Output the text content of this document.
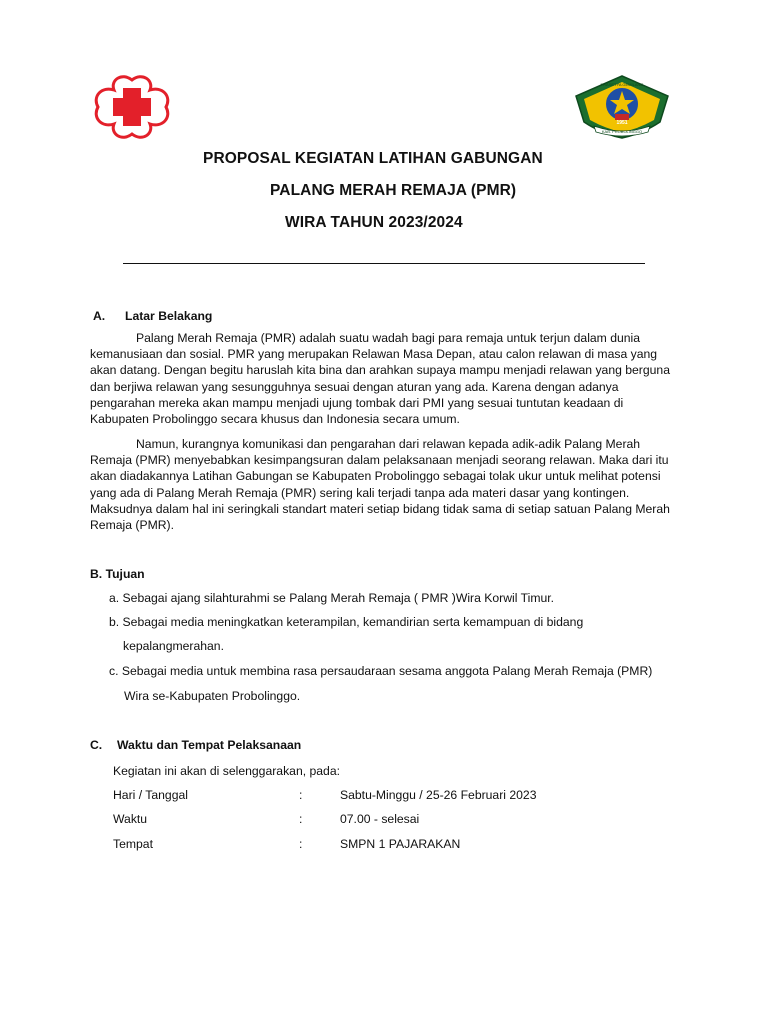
KAB. PROBOLINGGO
1951
PRASETYA GEMILANG
PROPOSAL KEGIATAN LATIHAN GABUNGAN
PALANG MERAH REMAJA (PMR)
WIRA TAHUN 2023/2024
A. Latar Belakang
Palang Merah Remaja (PMR) adalah suatu wadah bagi para remaja untuk terjun dalam dunia kemanusiaan dan sosial. PMR yang merupakan Relawan Masa Depan, atau calon relawan di masa yang akan datang. Dengan begitu haruslah kita bina dan arahkan supaya mampu menjadi relawan yang berguna dan berjiwa relawan yang sesungguhnya sesuai dengan aturan yang ada. Karena dengan adanya pengarahan mereka akan mampu menjadi ujung tombak dari PMI yang sesuai tuntutan keadaan di Kabupaten Probolinggo secara khusus dan Indonesia secara umum.
Namun, kurangnya komunikasi dan pengarahan dari relawan kepada adik-adik Palang Merah Remaja (PMR) menyebabkan kesimpangsuran dalam pelaksanaan menjadi seorang relawan. Maka dari itu akan diadakannya Latihan Gabungan se Kabupaten Probolinggo sebagai tolak ukur untuk melihat potensi yang ada di Palang Merah Remaja (PMR) sering kali terjadi tanpa ada materi dasar yang kontingen. Maksudnya dalam hal ini seringkali standart materi setiap bidang tidak sama di setiap satuan Palang Merah Remaja (PMR).
B. Tujuan
a. Sebagai ajang silahturahmi se Palang Merah Remaja ( PMR )Wira Korwil Timur.
b. Sebagai media meningkatkan keterampilan, kemandirian serta kemampuan di bidang
kepalangmerahan.
c. Sebagai media untuk membina rasa persaudaraan sesama anggota Palang Merah Remaja (PMR)
Wira se-Kabupaten Probolinggo.
C. Waktu dan Tempat Pelaksanaan
Kegiatan ini akan di selenggarakan, pada:
Hari / Tanggal	:	Sabtu-Minggu / 25-26 Februari 2023
Waktu	:	07.00 - selesai
Tempat	:	SMPN 1 PAJARAKAN
